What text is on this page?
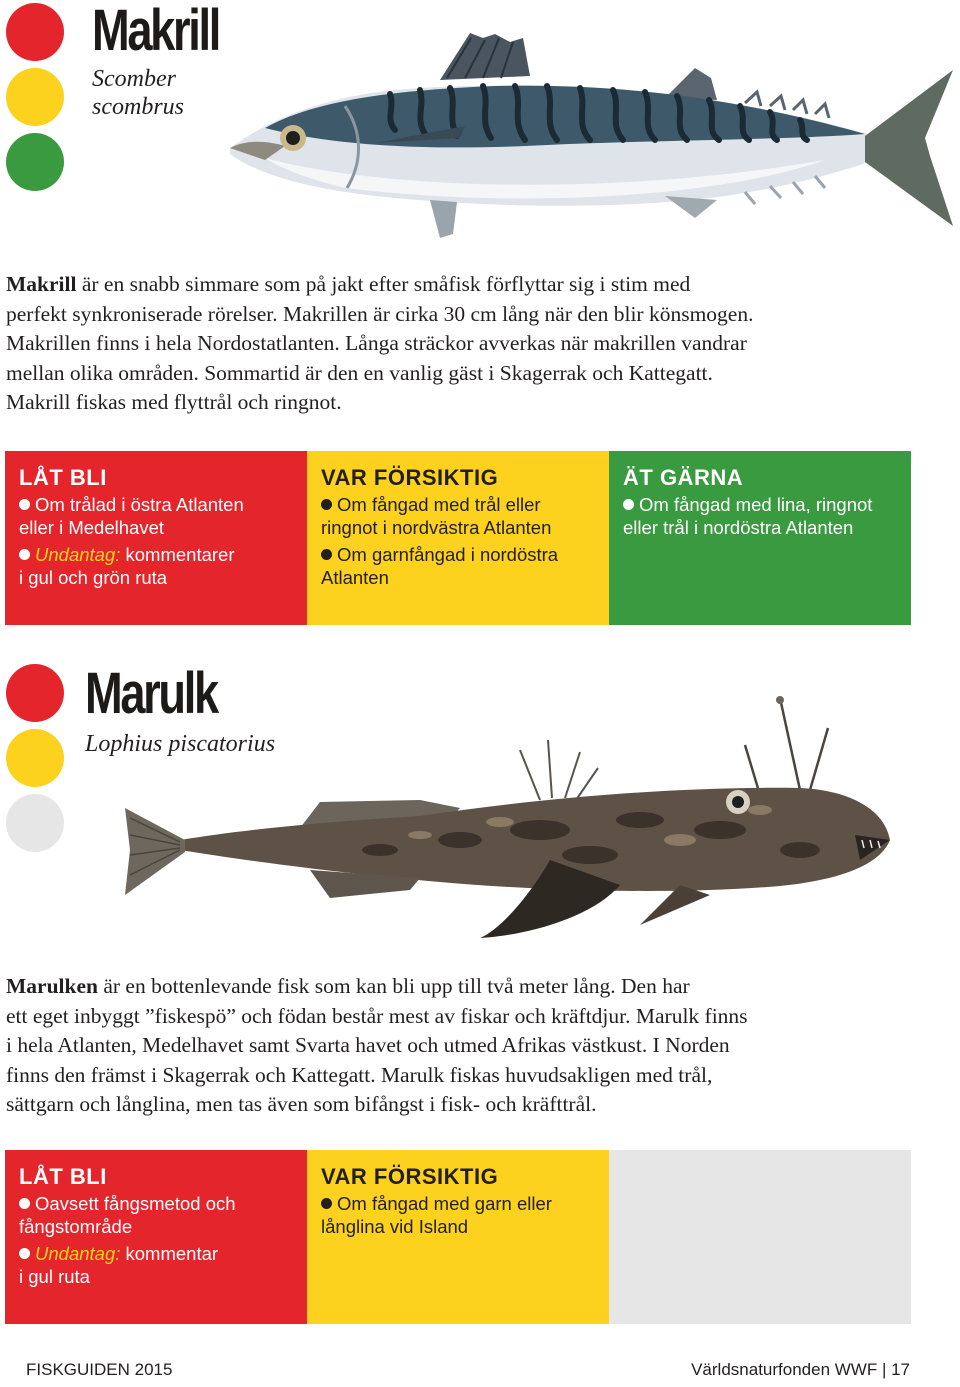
Makrill
Scomber
scombrus

Makrill är en snabb simmare som på jakt efter småfisk förflyttar sig i stim med
perfekt synkroniserade rörelser. Makrillen är cirka 30 cm lång när den blir könsmogen.
Makrillen finns i hela Nordostatlanten. Långa sträckor avverkas när makrillen vandrar
mellan olika områden. Sommartid är den en vanlig gäst i Skagerrak och Kattegatt.
Makrill fiskas med flyttrål och ringnot.

LÅT BLI
Om trålad i östra Atlanten
eller i Medelhavet
Undantag: kommentarer
i gul och grön ruta
VAR FÖRSIKTIG
Om fångad med trål eller
ringnot i nordvästra Atlanten
Om garnfångad i nordöstra
Atlanten
ÄT GÄRNA
Om fångad med lina, ringnot
eller trål i nordöstra Atlanten
Marulk
Lophius piscatorius

Marulken är en bottenlevande fisk som kan bli upp till två meter lång. Den har
ett eget inbyggt ”fiskespö” och födan består mest av fiskar och kräftdjur. Marulk finns
i hela Atlanten, Medelhavet samt Svarta havet och utmed Afrikas västkust. I Norden
finns den främst i Skagerrak och Kattegatt. Marulk fiskas huvudsakligen med trål,
sättgarn och långlina, men tas även som bifångst i fisk- och kräfttrål.

LÅT BLI
Oavsett fångsmetod och
fångstområde
Undantag: kommentar
i gul ruta
VAR FÖRSIKTIG
Om fångad med garn eller
långlina vid Island
FISKGUIDEN 2015	Världsnaturfonden WWF | 17
